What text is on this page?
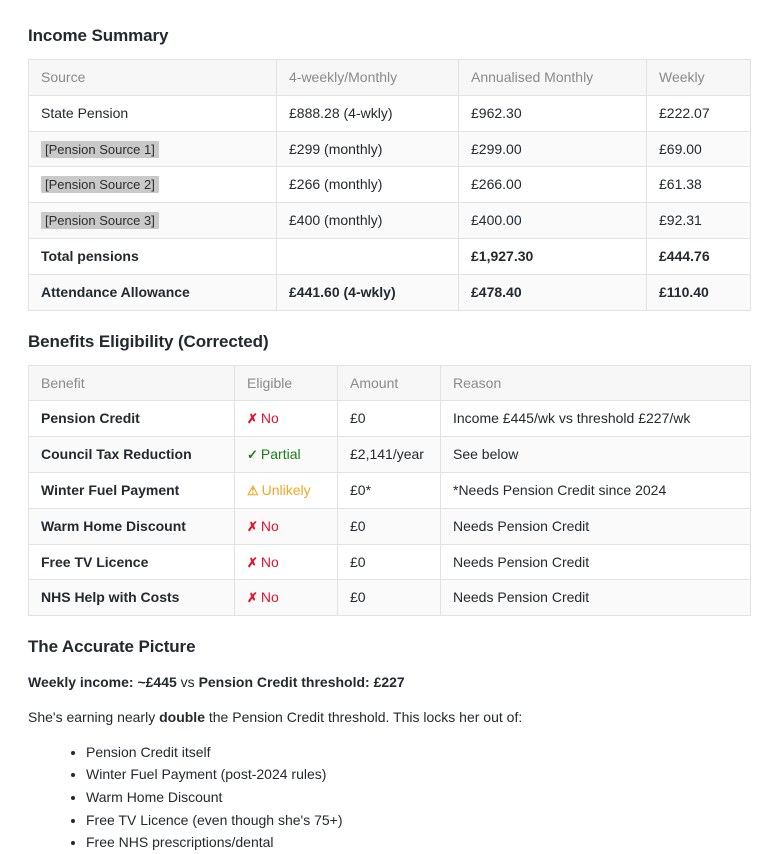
Income Summary
Source	4-weekly/Monthly	Annualised Monthly	Weekly
State Pension	£888.28 (4-wkly)	£962.30	£222.07
[Pension Source 1]	£299 (monthly)	£299.00	£69.00
[Pension Source 2]	£266 (monthly)	£266.00	£61.38
[Pension Source 3]	£400 (monthly)	£400.00	£92.31
Total pensions		£1,927.30	£444.76
Attendance Allowance	£441.60 (4-wkly)	£478.40	£110.40
Benefits Eligibility (Corrected)
Benefit	Eligible	Amount	Reason
Pension Credit	✗ No	£0	Income £445/wk vs threshold £227/wk
Council Tax Reduction	✓ Partial	£2,141/year	See below
Winter Fuel Payment	⚠ Unlikely	£0*	*Needs Pension Credit since 2024
Warm Home Discount	✗ No	£0	Needs Pension Credit
Free TV Licence	✗ No	£0	Needs Pension Credit
NHS Help with Costs	✗ No	£0	Needs Pension Credit
The Accurate Picture

Weekly income: ~£445 vs Pension Credit threshold: £227

She's earning nearly double the Pension Credit threshold. This locks her out of:

• Pension Credit itself
• Winter Fuel Payment (post-2024 rules)
• Warm Home Discount
• Free TV Licence (even though she's 75+)
• Free NHS prescriptions/dental
